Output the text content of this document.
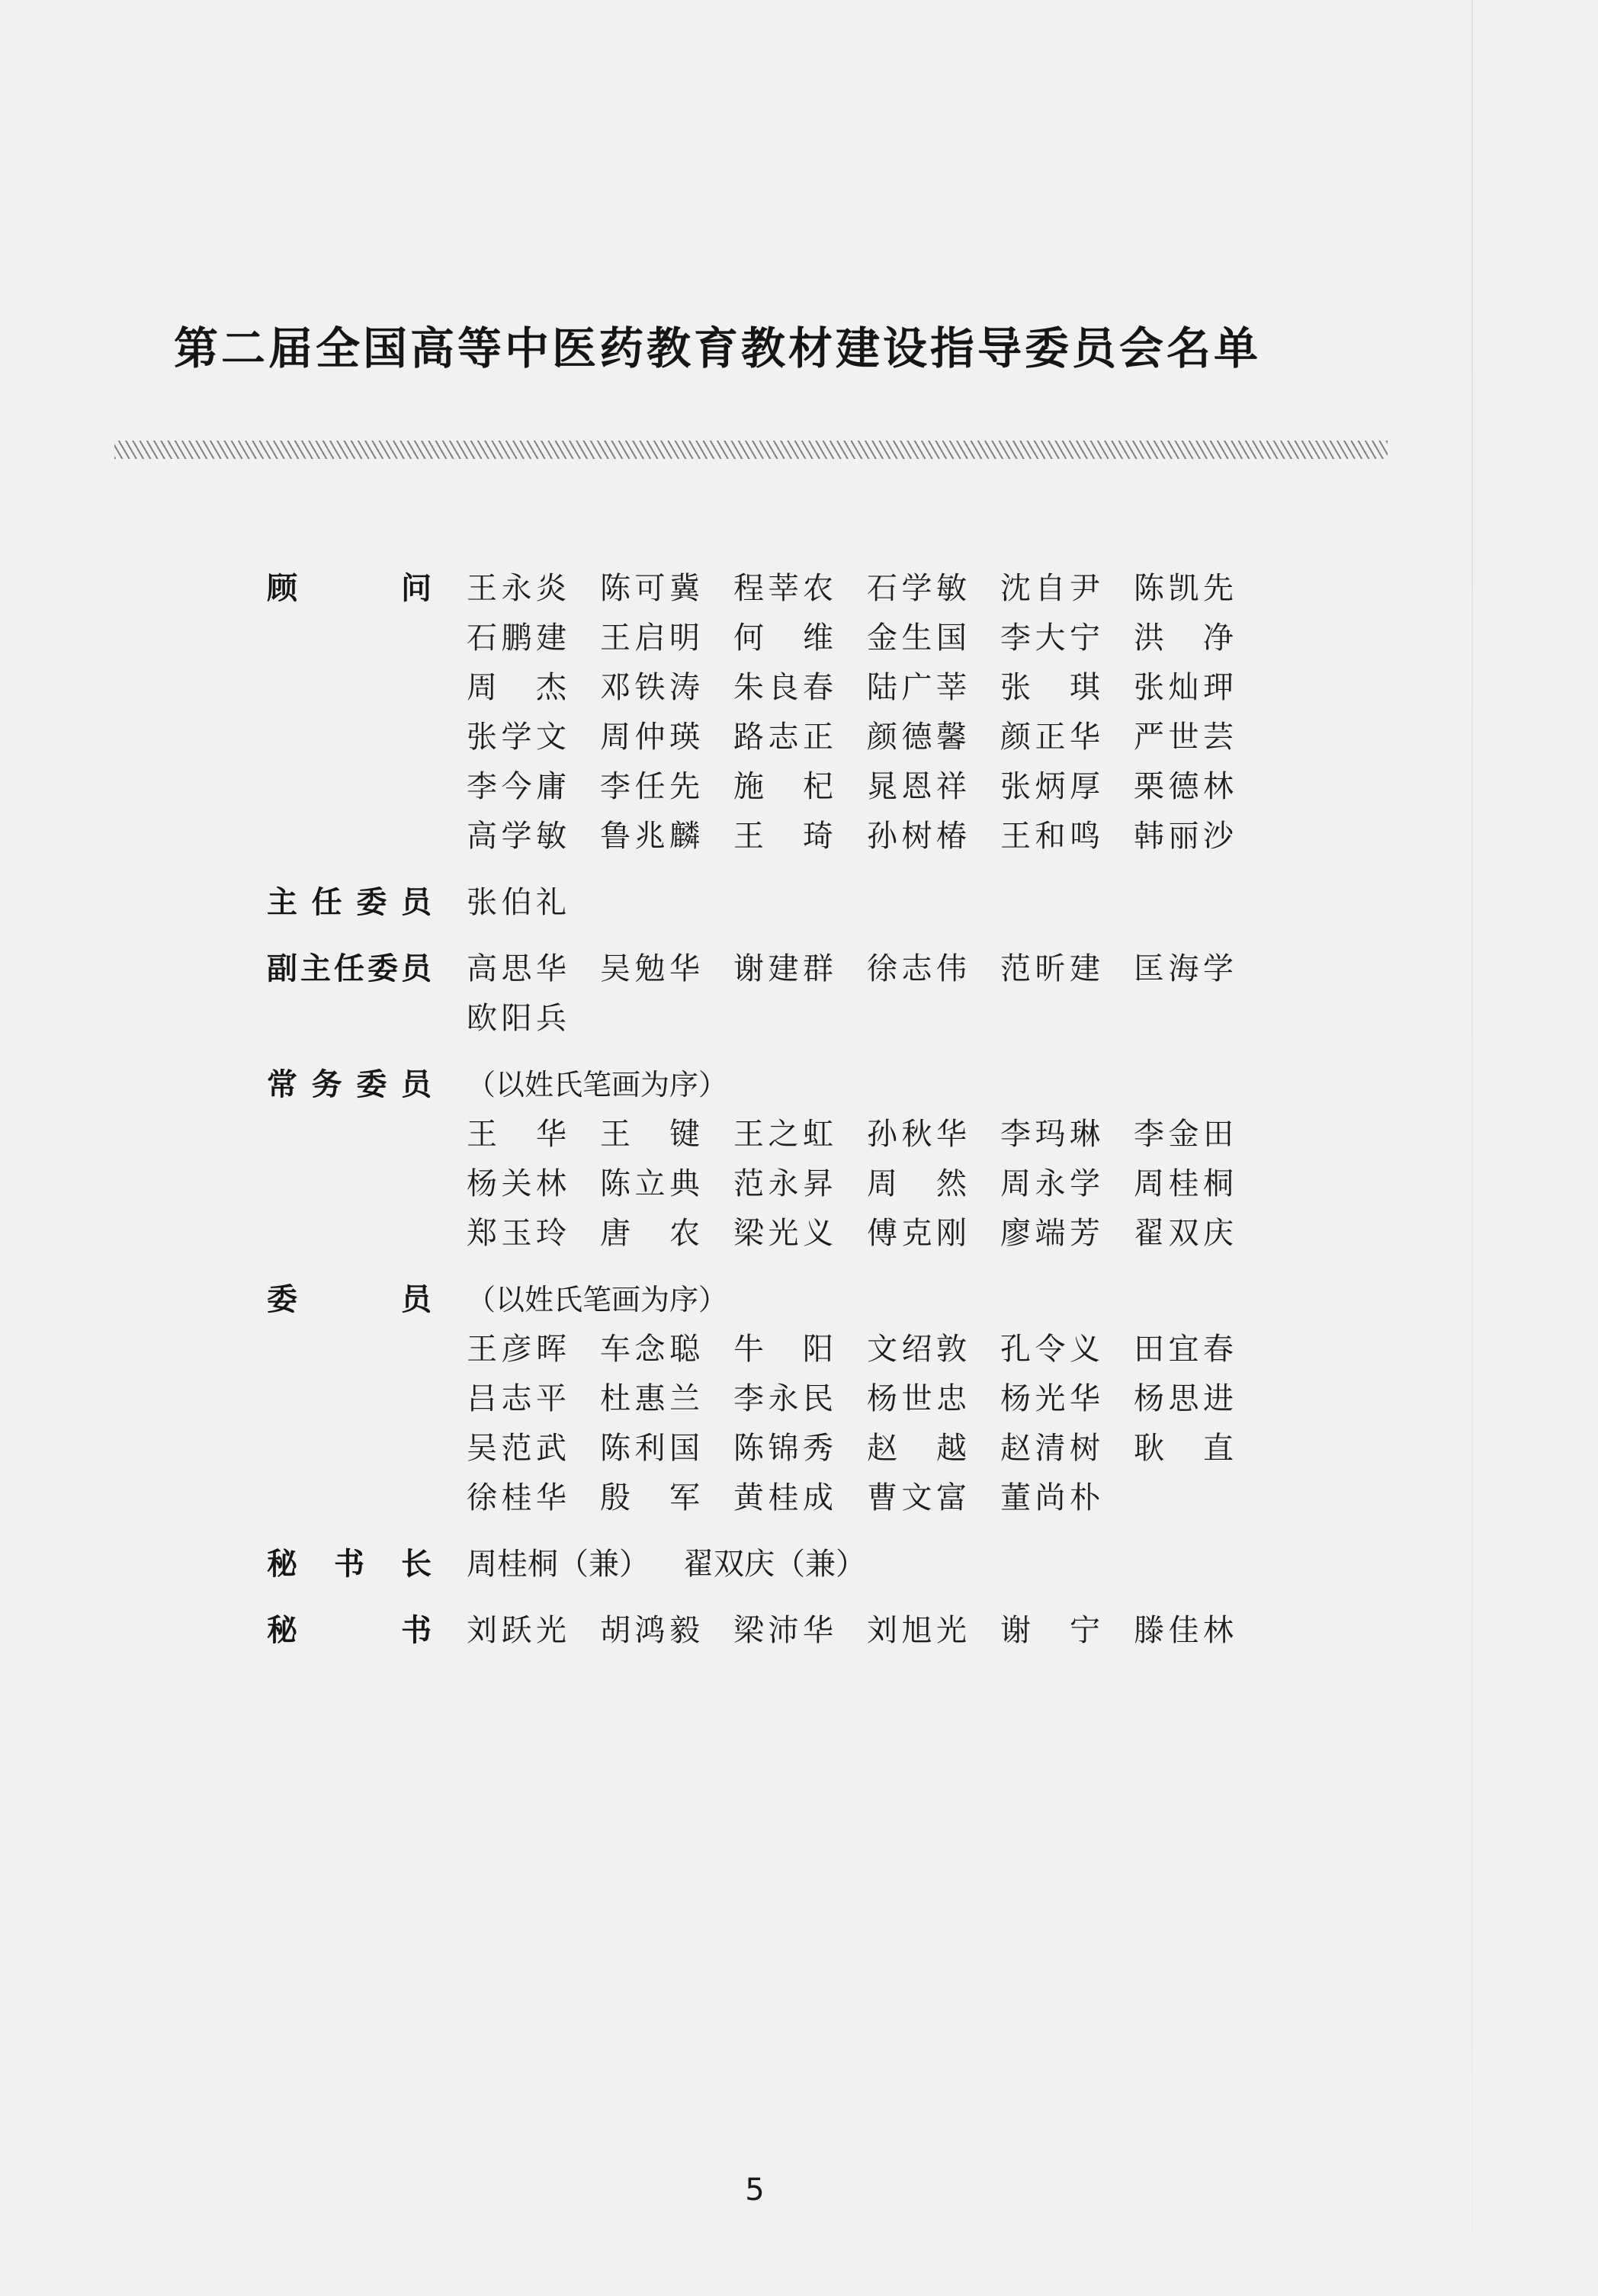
第二届全国高等中医药教育教材建设指导委员会名单
顾问 王永炎	陈可冀	程莘农	石学敏	沈自尹	陈凯先
石鹏建	王启明	何维	金生国	李大宁	洪净
周杰	邓铁涛	朱良春	陆广莘	张琪	张灿玾
张学文	周仲瑛	路志正	颜德馨	颜正华	严世芸
李今庸	李任先	施杞	晁恩祥	张炳厚	栗德林
高学敏	鲁兆麟	王琦	孙树椿	王和鸣	韩丽沙
主任委员 张伯礼
副主任委员 高思华	吴勉华	谢建群	徐志伟	范昕建	匡海学
欧阳兵
常务委员 （以姓氏笔画为序）
王华	王键	王之虹	孙秋华	李玛琳	李金田
杨关林	陈立典	范永昇	周然	周永学	周桂桐
郑玉玲	唐农	梁光义	傅克刚	廖端芳	翟双庆
委员 （以姓氏笔画为序）
王彦晖	车念聪	牛阳	文绍敦	孔令义	田宜春
吕志平	杜惠兰	李永民	杨世忠	杨光华	杨思进
吴范武	陈利国	陈锦秀	赵越	赵清树	耿直
徐桂华	殷军	黄桂成	曹文富	董尚朴
秘书长 周桂桐（兼） 翟双庆（兼）
秘书 刘跃光	胡鸿毅	梁沛华	刘旭光	谢宁	滕佳林
5
